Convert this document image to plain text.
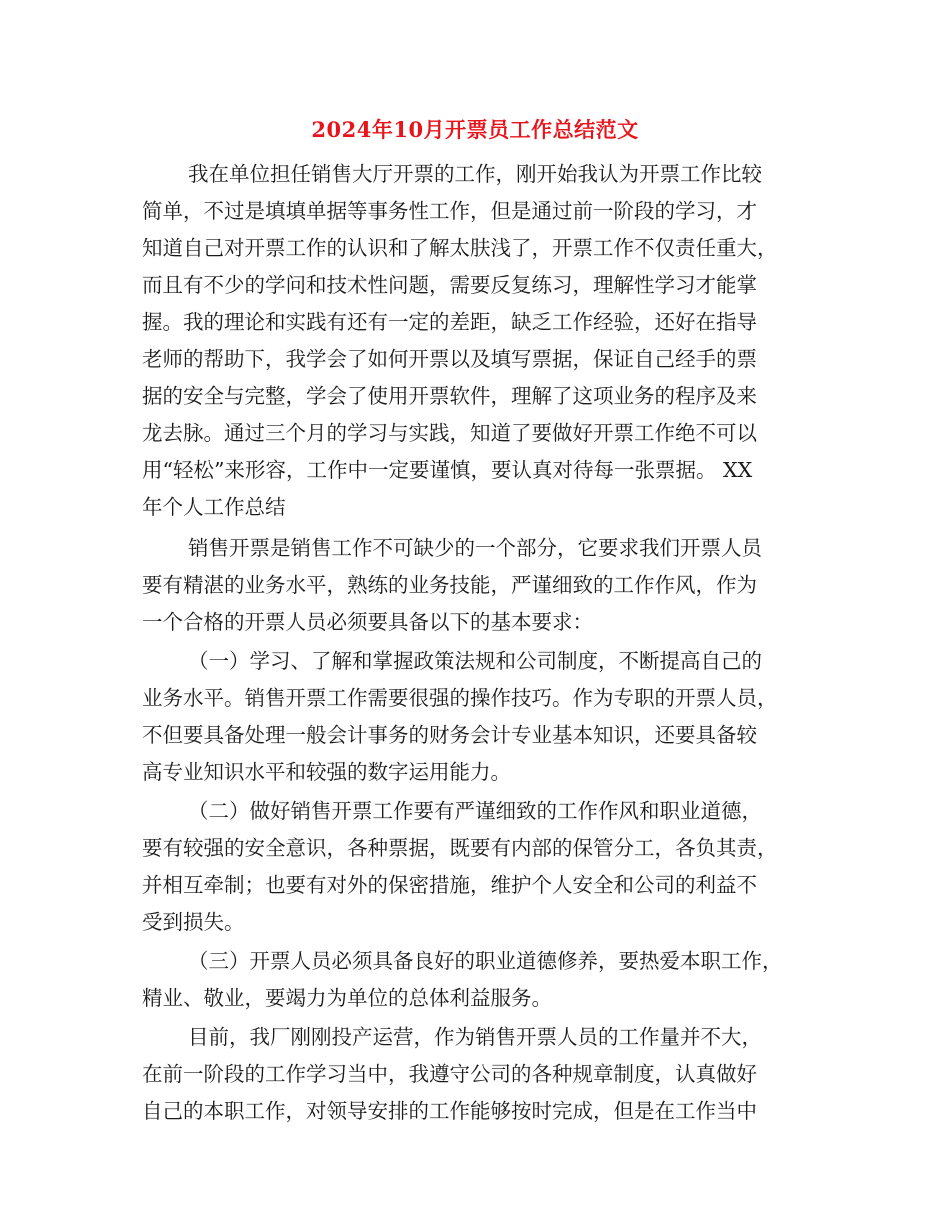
2024年10月开票员工作总结范文
我在单位担任销售大厅开票的工作，刚开始我认为开票工作比较
简单，不过是填填单据等事务性工作，但是通过前一阶段的学习，才
知道自己对开票工作的认识和了解太肤浅了，开票工作不仅责任重大，
而且有不少的学问和技术性问题，需要反复练习，理解性学习才能掌
握。我的理论和实践有还有一定的差距，缺乏工作经验，还好在指导
老师的帮助下，我学会了如何开票以及填写票据，保证自己经手的票
据的安全与完整，学会了使用开票软件，理解了这项业务的程序及来
龙去脉。通过三个月的学习与实践，知道了要做好开票工作绝不可以
用“轻松”来形容，工作中一定要谨慎，要认真对待每一张票据。 XX
年个人工作总结
销售开票是销售工作不可缺少的一个部分，它要求我们开票人员
要有精湛的业务水平，熟练的业务技能，严谨细致的工作作风，作为
一个合格的开票人员必须要具备以下的基本要求：
（一）学习、了解和掌握政策法规和公司制度，不断提高自己的
业务水平。销售开票工作需要很强的操作技巧。作为专职的开票人员，
不但要具备处理一般会计事务的财务会计专业基本知识，还要具备较
高专业知识水平和较强的数字运用能力。
（二）做好销售开票工作要有严谨细致的工作作风和职业道德，
要有较强的安全意识，各种票据，既要有内部的保管分工，各负其责，
并相互牵制；也要有对外的保密措施，维护个人安全和公司的利益不
受到损失。
（三）开票人员必须具备良好的职业道德修养，要热爱本职工作，
精业、敬业，要竭力为单位的总体利益服务。
目前，我厂刚刚投产运营，作为销售开票人员的工作量并不大，
在前一阶段的工作学习当中，我遵守公司的各种规章制度，认真做好
自己的本职工作，对领导安排的工作能够按时完成，但是在工作当中
